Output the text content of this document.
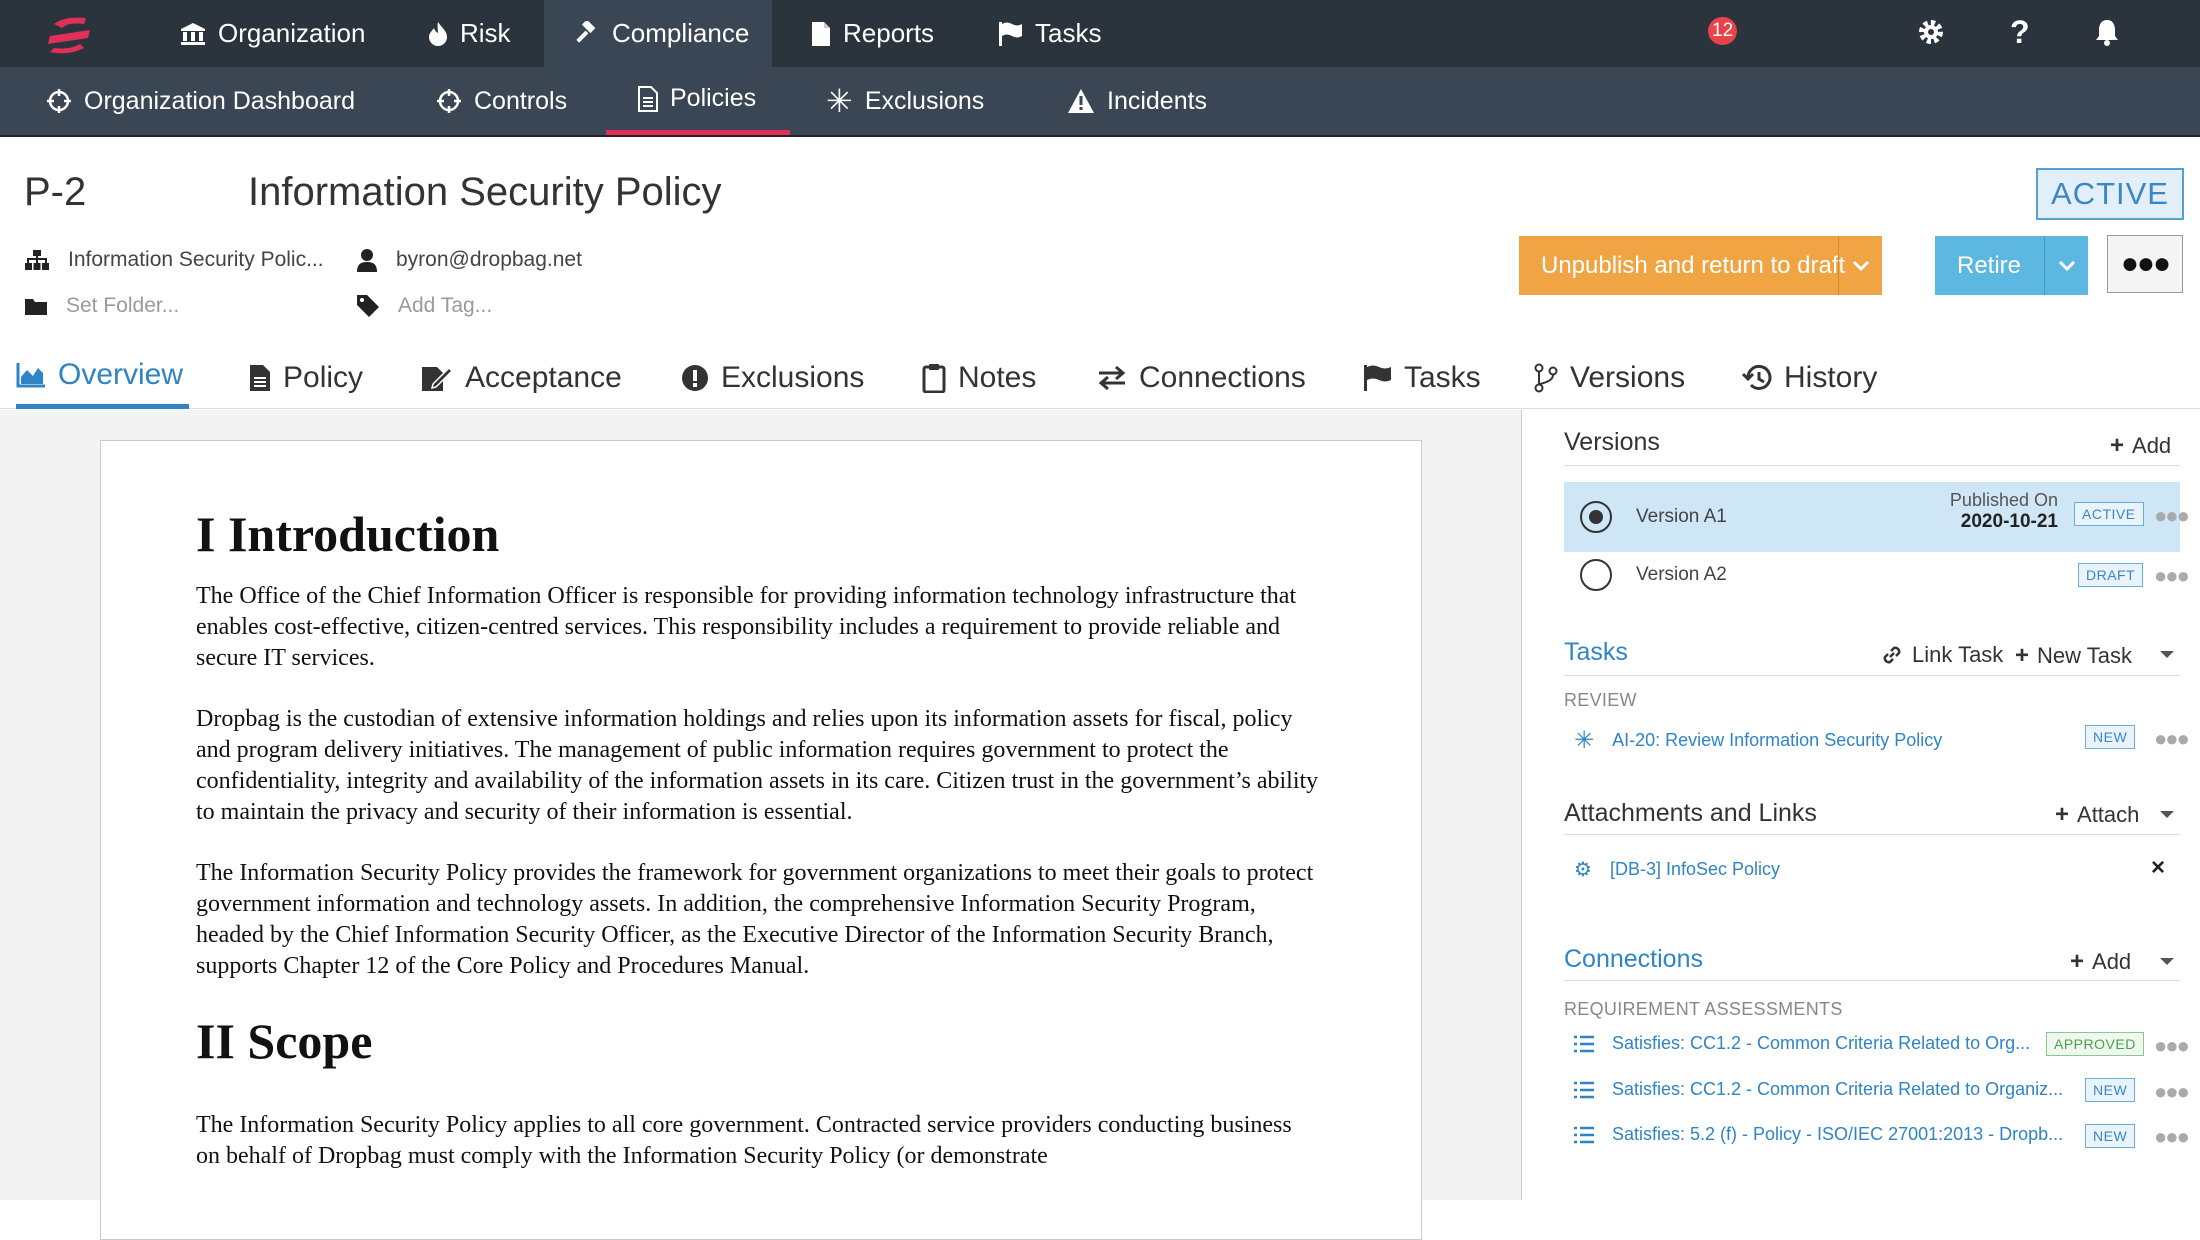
Organization	Risk	Compliance	Reports	Tasks	?
12
Organization Dashboard	Controls	Policies ✳ Exclusions	Incidents
P-2	Information Security Policy	ACTIVE
Information Security Polic...	byron@dropbag.net
Set Folder...	Add Tag...
Unpublish and return to draft	Retire	●●●
Overview	Policy	Acceptance	Exclusions	Notes	Connections	Tasks	Versions	History
I Introduction

The Office of the Chief Information Officer is responsible for providing information technology infrastructure that enables cost-effective, citizen-centred services. This responsibility includes a requirement to provide reliable and secure IT services.

Dropbag is the custodian of extensive information holdings and relies upon its information assets for fiscal, policy and program delivery initiatives. The management of public information requires government to protect the confidentiality, integrity and availability of the information assets in its care. Citizen trust in the government’s ability to maintain the privacy and security of their information is essential.

The Information Security Policy provides the framework for government organizations to meet their goals to protect government information and technology assets. In addition, the comprehensive Information Security Program, headed by the Chief Information Security Officer, as the Executive Director of the Information Security Branch, supports Chapter 12 of the Core Policy and Procedures Manual.

II Scope

The Information Security Policy applies to all core government. Contracted service providers conducting business on behalf of Dropbag must comply with the Information Security Policy (or demonstrate

Versions	+ Add
Version A1
Published On
2020-10-21	ACTIVE ●●●
Version A2	DRAFT ●●●
Tasks	Link Task + New Task
REVIEW
✳ AI-20: Review Information Security Policy	NEW	●●●
Attachments and Links	+ Attach
⚙ [DB-3] InfoSec Policy	×
Connections	+ Add
REQUIREMENT ASSESSMENTS
Satisfies: CC1.2 - Common Criteria Related to Org...	APPROVED ●●●
Satisfies: CC1.2 - Common Criteria Related to Organiz...	NEW	●●●
Satisfies: 5.2 (f) - Policy - ISO/IEC 27001:2013 - Dropb...	NEW	●●●
